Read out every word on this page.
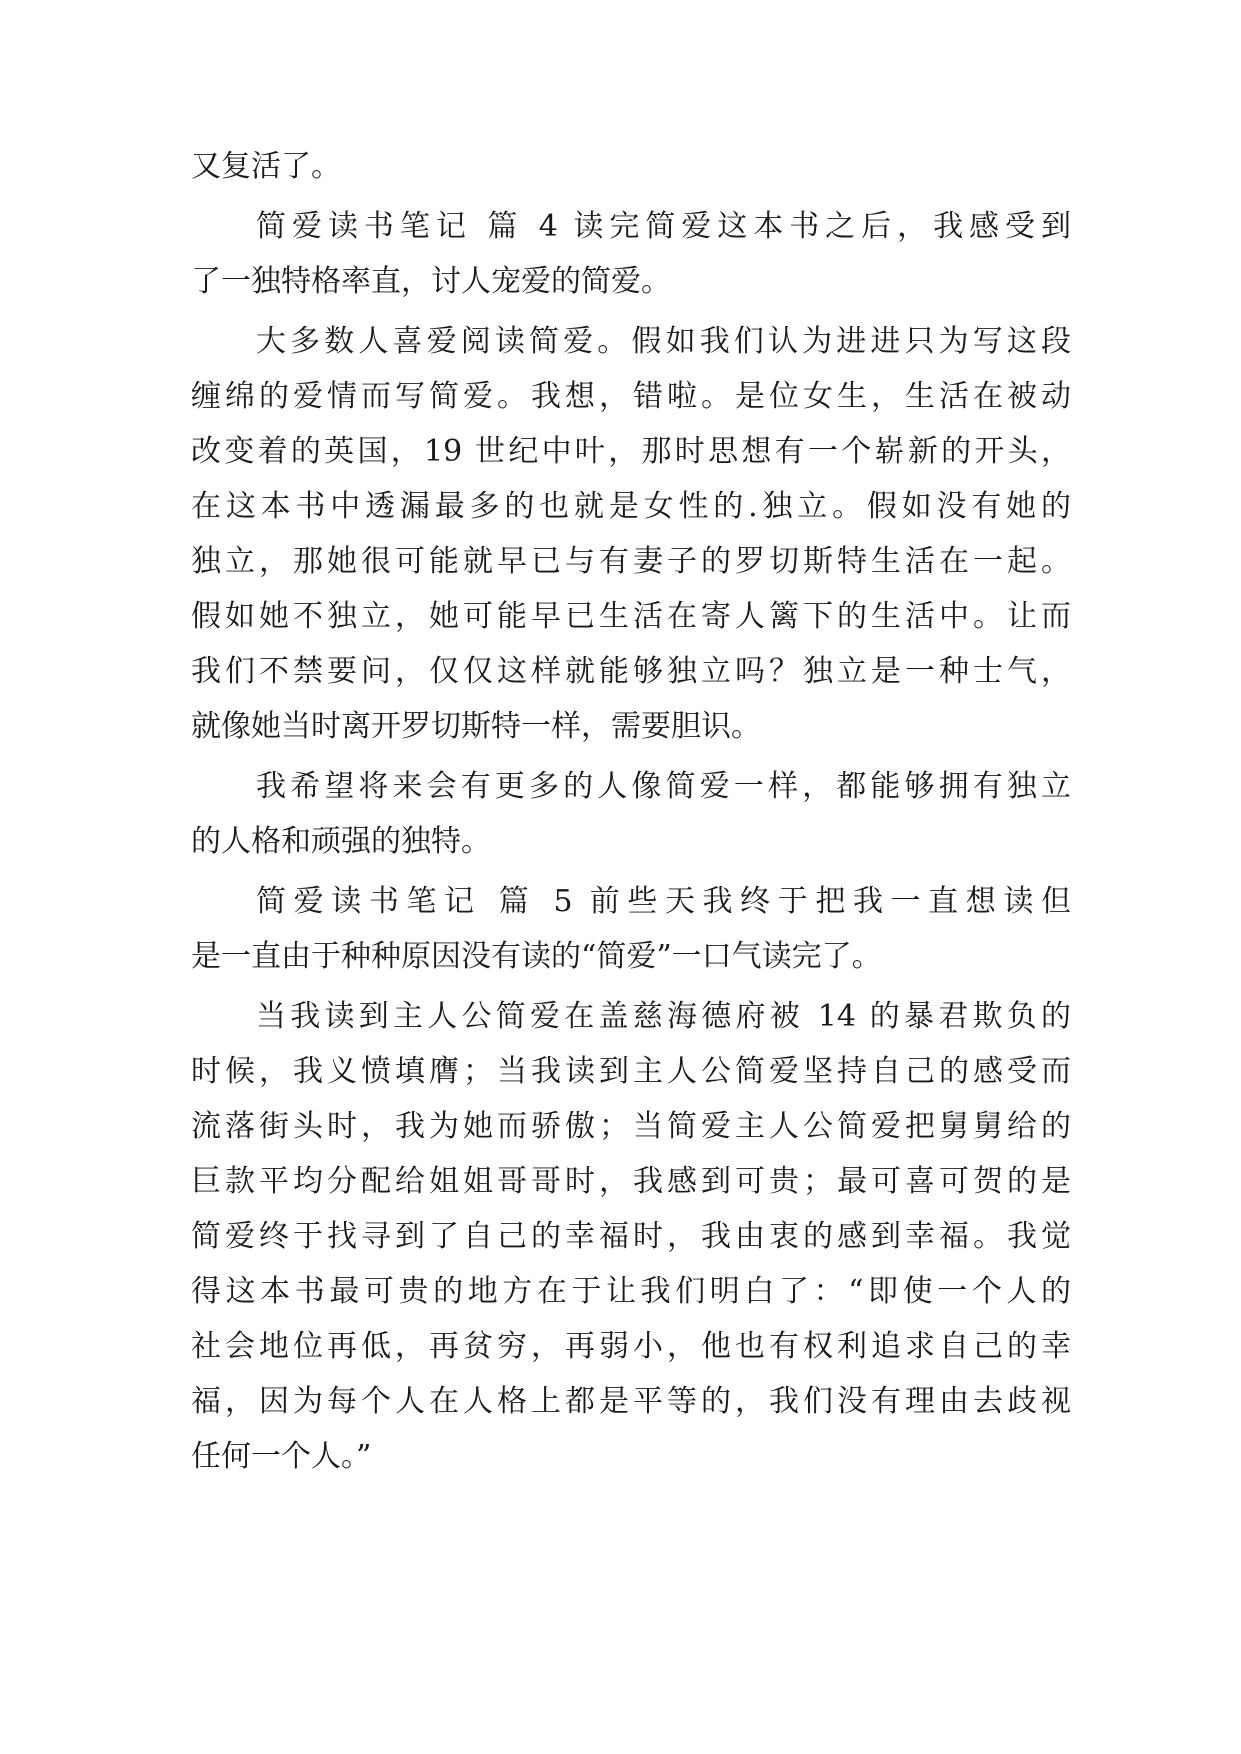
又复活了。
简爱读书笔记 篇 4 读完简爱这本书之后，我感受到
了一独特格率直，讨人宠爱的简爱。
大多数人喜爱阅读简爱。假如我们认为进进只为写这段
缠绵的爱情而写简爱。我想，错啦。是位女生，生活在被动
改变着的英国，19 世纪中叶，那时思想有一个崭新的开头，
在这本书中透漏最多的也就是女性的.独立。假如没有她的
独立，那她很可能就早已与有妻子的罗切斯特生活在一起。
假如她不独立，她可能早已生活在寄人篱下的生活中。让而
我们不禁要问，仅仅这样就能够独立吗？独立是一种士气，
就像她当时离开罗切斯特一样，需要胆识。
我希望将来会有更多的人像简爱一样，都能够拥有独立
的人格和顽强的独特。
简爱读书笔记 篇 5 前些天我终于把我一直想读但
是一直由于种种原因没有读的“简爱”一口气读完了。
当我读到主人公简爱在盖慈海德府被 14 的暴君欺负的
时候，我义愤填膺；当我读到主人公简爱坚持自己的感受而
流落街头时，我为她而骄傲；当简爱主人公简爱把舅舅给的
巨款平均分配给姐姐哥哥时，我感到可贵；最可喜可贺的是
简爱终于找寻到了自己的幸福时，我由衷的感到幸福。我觉
得这本书最可贵的地方在于让我们明白了：“即使一个人的
社会地位再低，再贫穷，再弱小，他也有权利追求自己的幸
福，因为每个人在人格上都是平等的，我们没有理由去歧视
任何一个人。”
